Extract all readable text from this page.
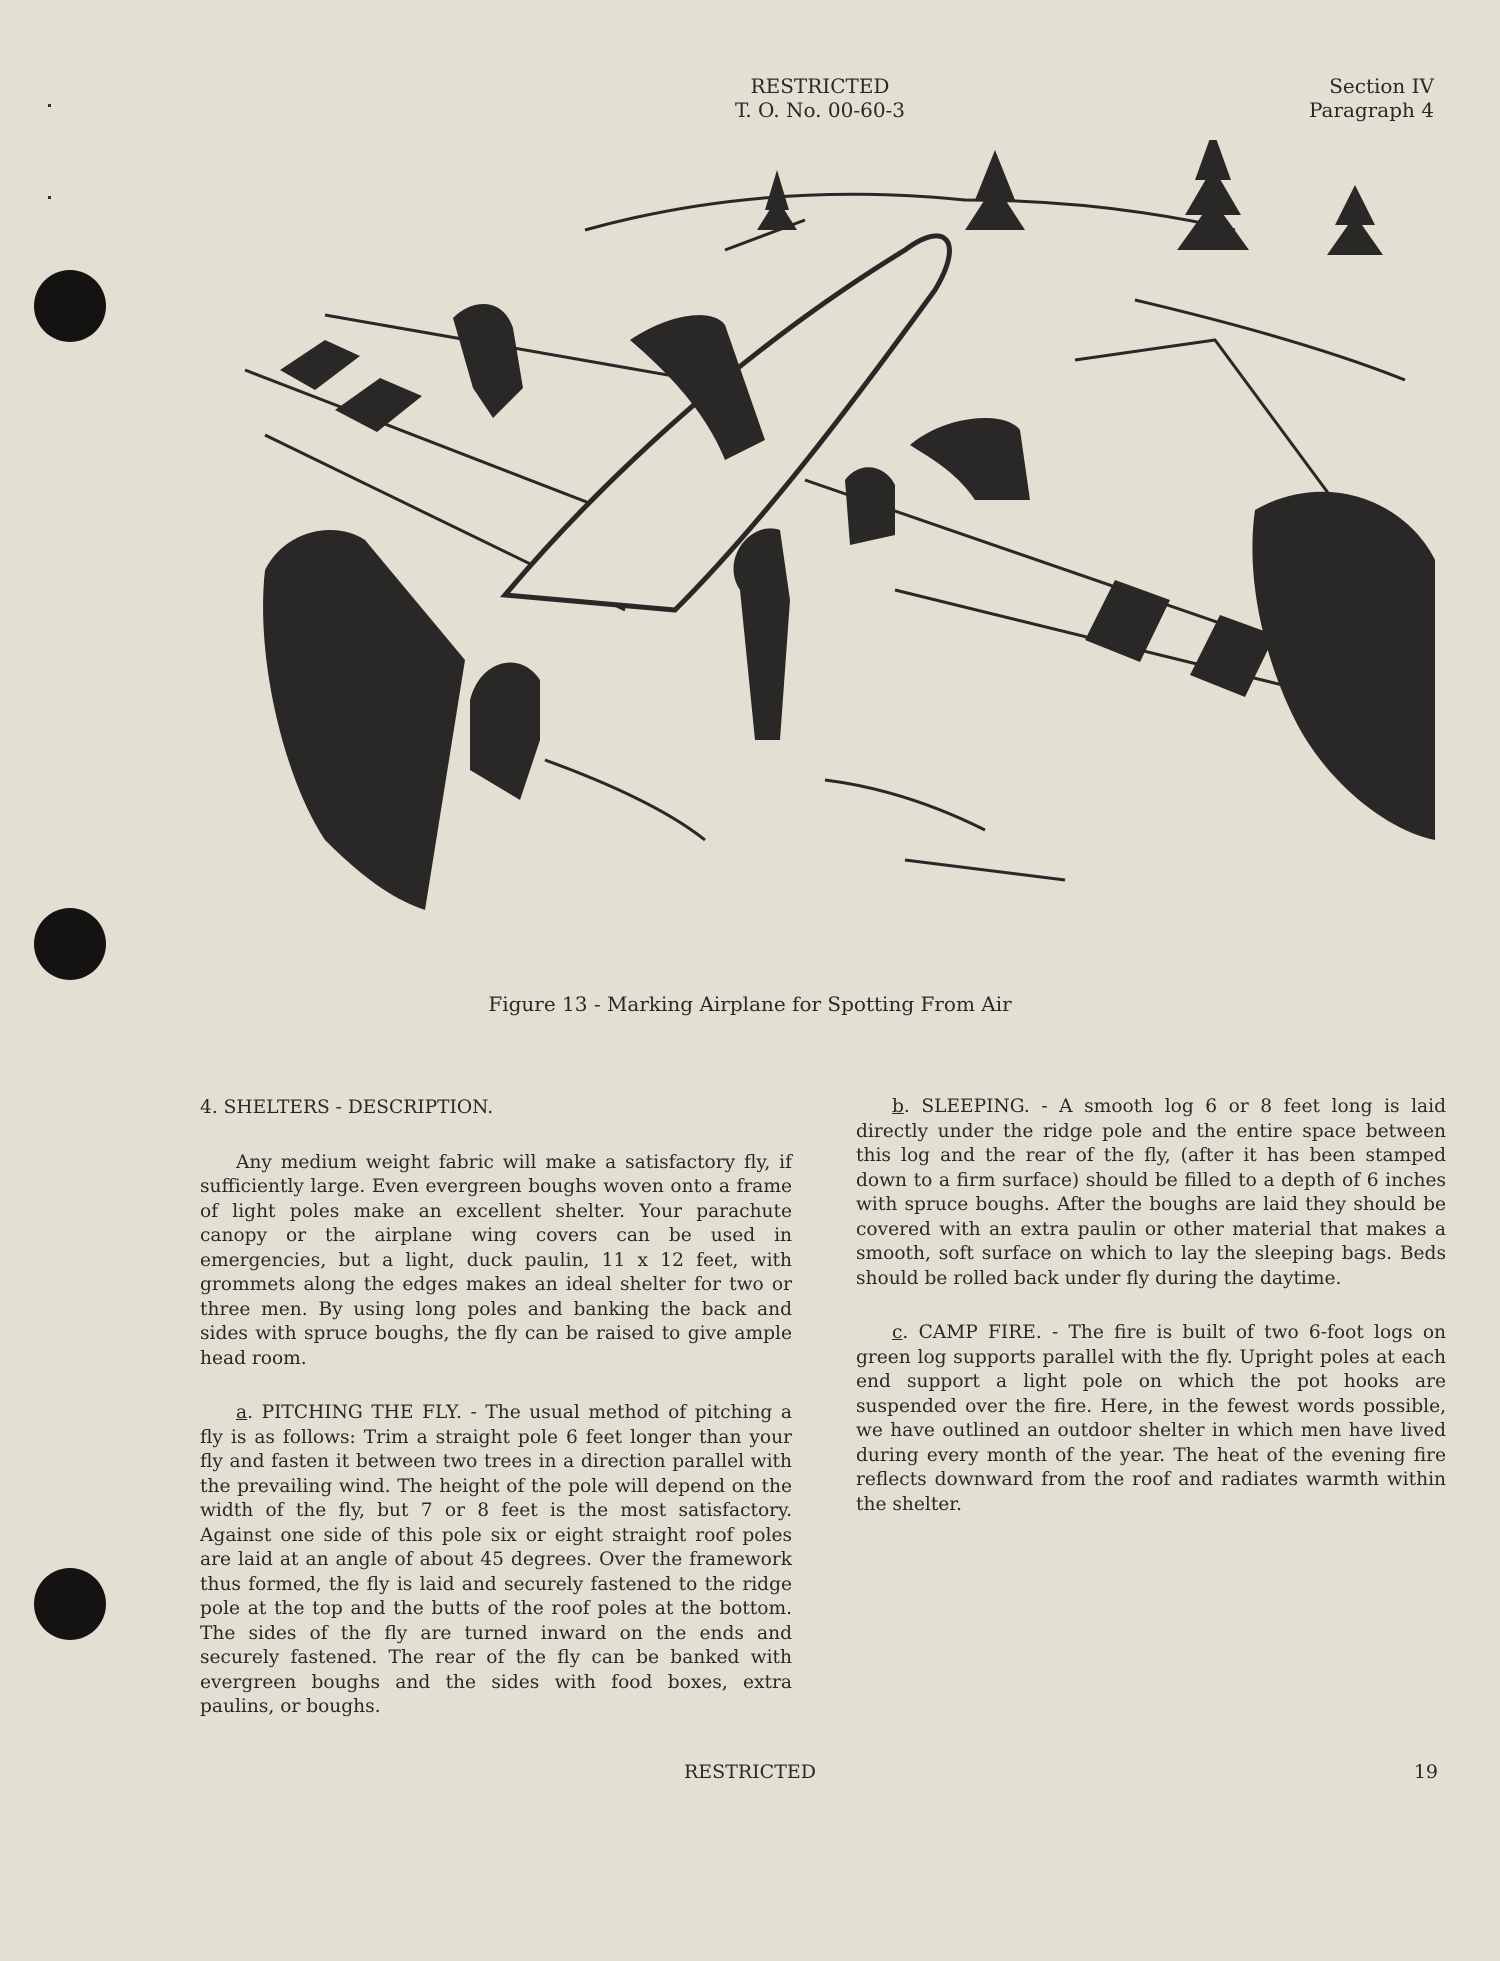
RESTRICTED
T. O. No. 00-60-3
Section IV
Paragraph 4
Figure 13 - Marking Airplane for Spotting From Air

4. SHELTERS - DESCRIPTION.

Any medium weight fabric will make a satisfactory fly, if sufficiently large. Even evergreen boughs woven onto a frame of light poles make an excellent shelter. Your parachute canopy or the airplane wing covers can be used in emergencies, but a light, duck paulin, 11 x 12 feet, with grommets along the edges makes an ideal shelter for two or three men. By using long poles and banking the back and sides with spruce boughs, the fly can be raised to give ample head room.

a. PITCHING THE FLY. - The usual method of pitching a fly is as follows: Trim a straight pole 6 feet longer than your fly and fasten it between two trees in a direction parallel with the prevailing wind. The height of the pole will depend on the width of the fly, but 7 or 8 feet is the most satisfactory. Against one side of this pole six or eight straight roof poles are laid at an angle of about 45 degrees. Over the framework thus formed, the fly is laid and securely fastened to the ridge pole at the top and the butts of the roof poles at the bottom. The sides of the fly are turned inward on the ends and securely fastened. The rear of the fly can be banked with evergreen boughs and the sides with food boxes, extra paulins, or boughs.

b. SLEEPING. - A smooth log 6 or 8 feet long is laid directly under the ridge pole and the entire space between this log and the rear of the fly, (after it has been stamped down to a firm surface) should be filled to a depth of 6 inches with spruce boughs. After the boughs are laid they should be covered with an extra paulin or other material that makes a smooth, soft surface on which to lay the sleeping bags. Beds should be rolled back under fly during the daytime.

c. CAMP FIRE. - The fire is built of two 6-foot logs on green log supports parallel with the fly. Upright poles at each end support a light pole on which the pot hooks are suspended over the fire. Here, in the fewest words possible, we have outlined an outdoor shelter in which men have lived during every month of the year. The heat of the evening fire reflects downward from the roof and radiates warmth within the shelter.

RESTRICTED	19
